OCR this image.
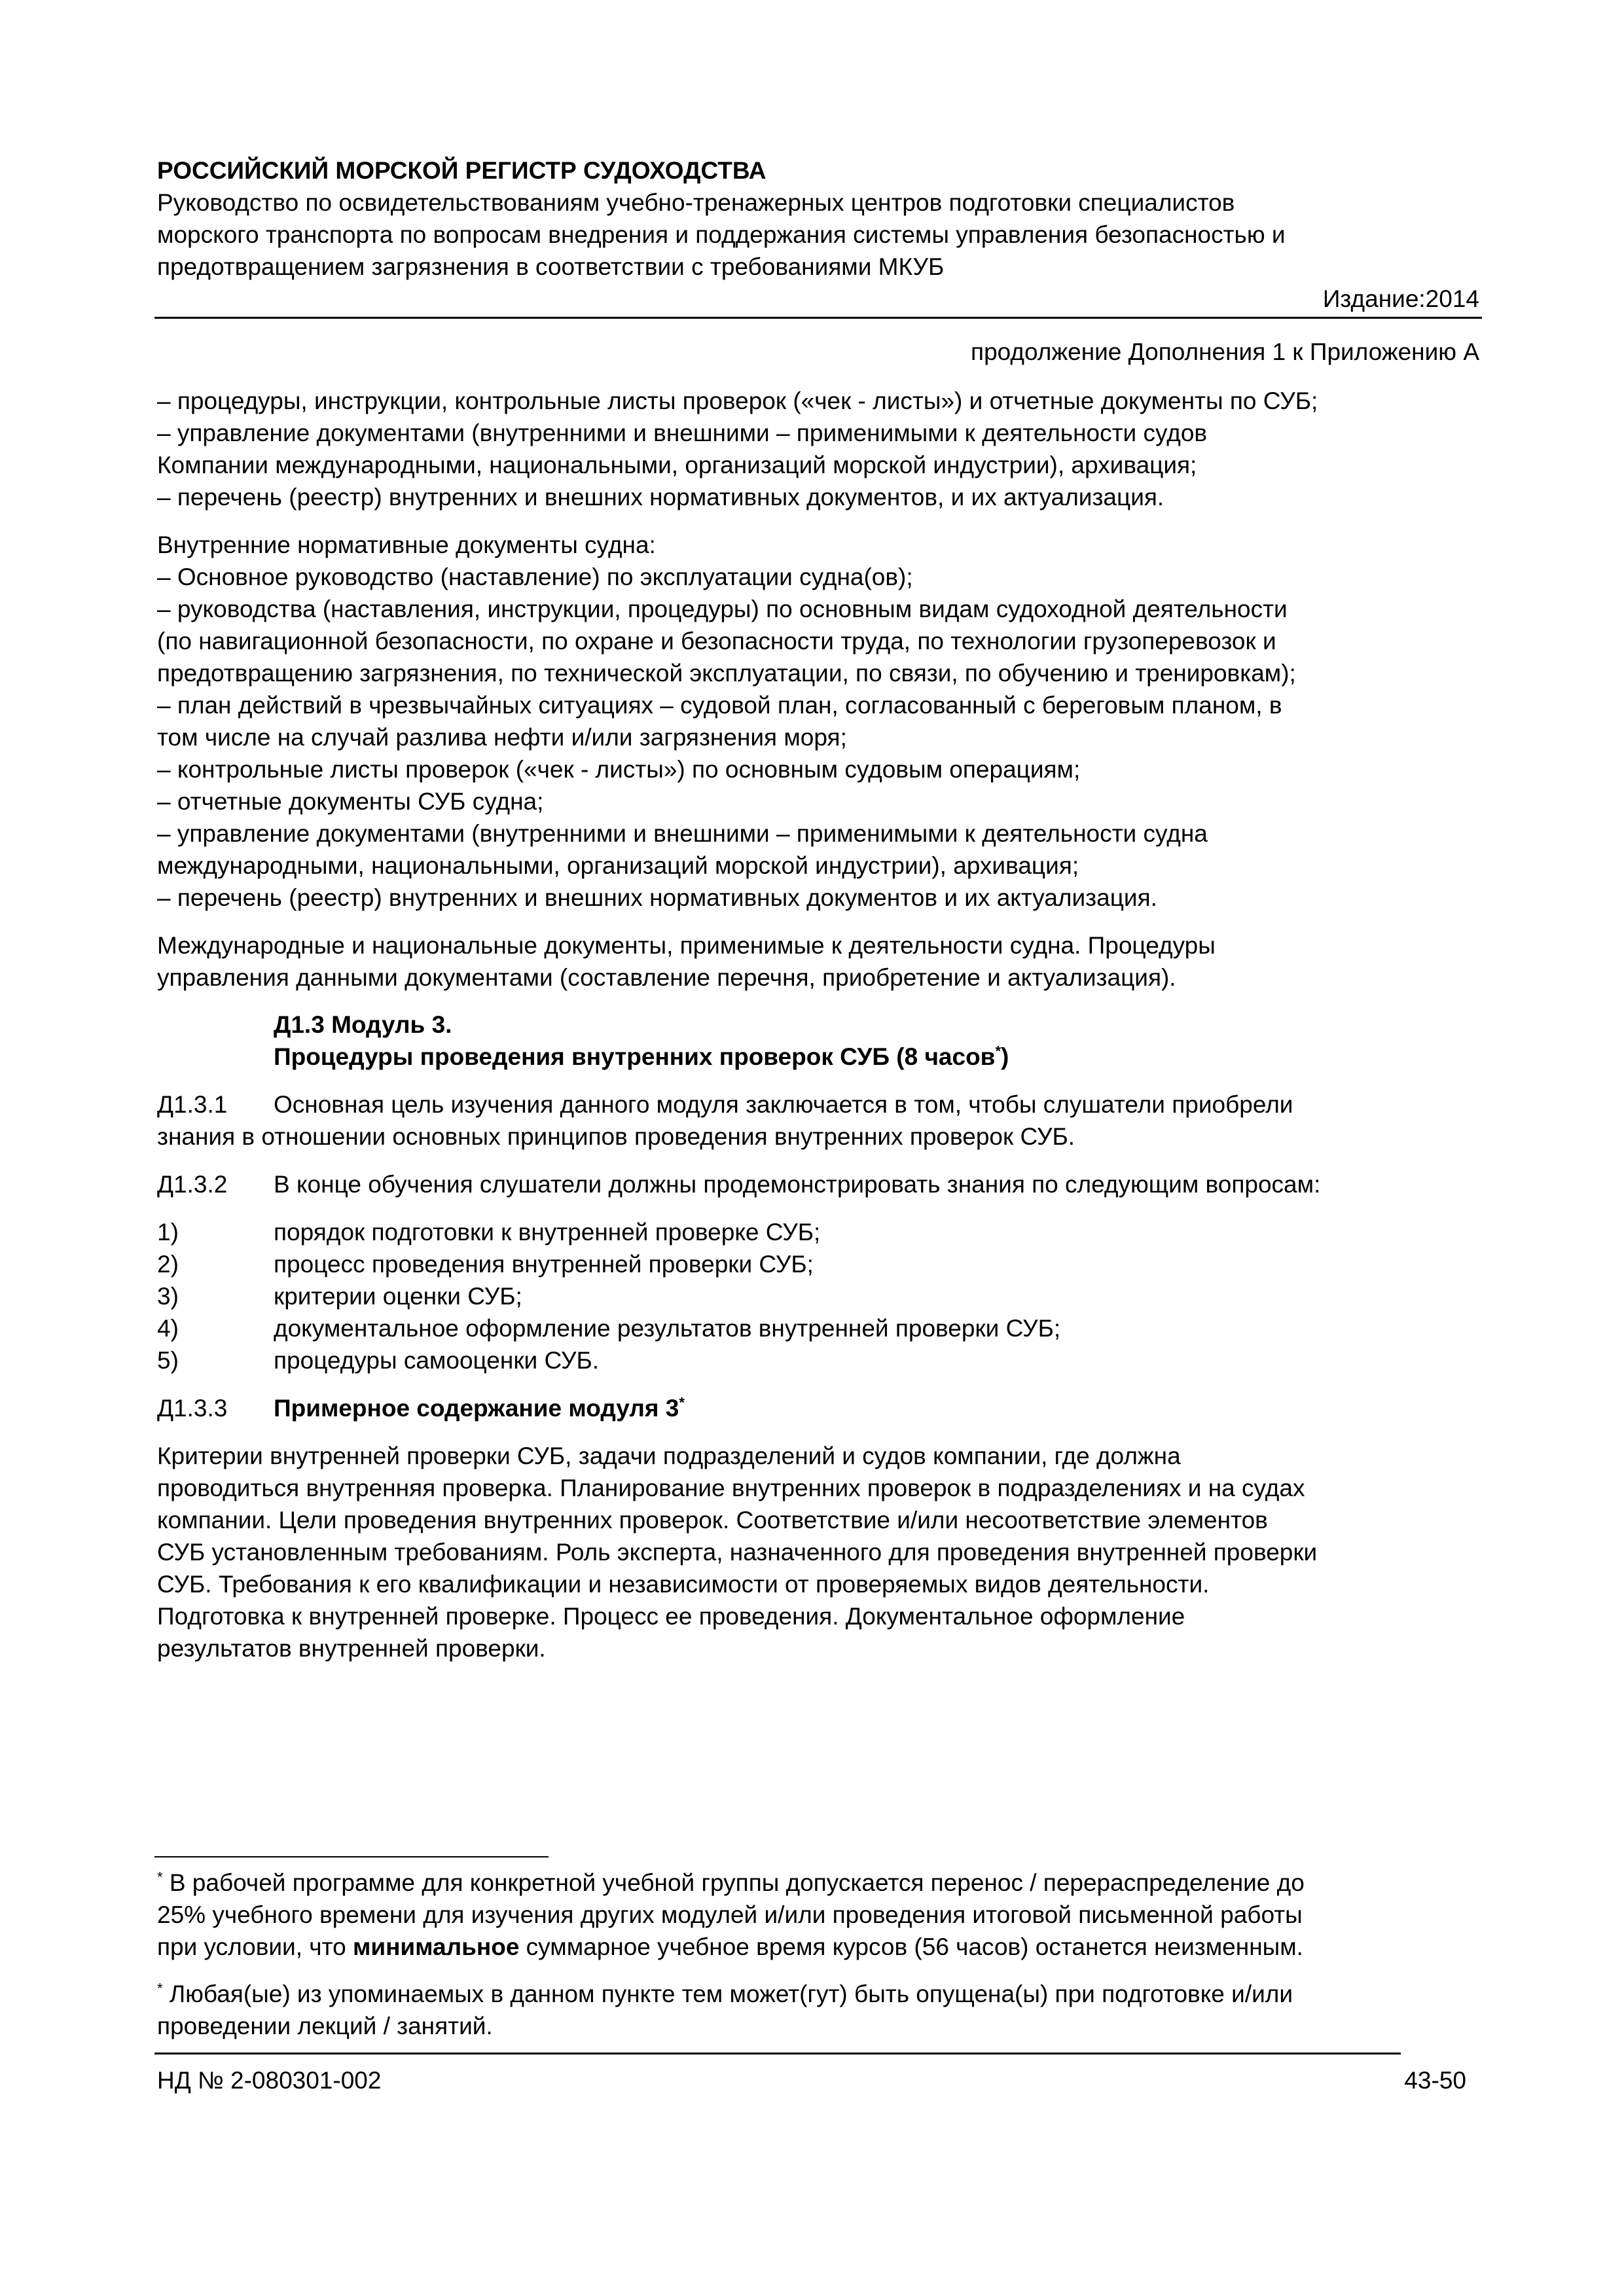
РОССИЙСКИЙ МОРСКОЙ РЕГИСТР СУДОХОДСТВА
Руководство по освидетельствованиям учебно-тренажерных центров подготовки специалистов
морского транспорта по вопросам внедрения и поддержания системы управления безопасностью и
предотвращением загрязнения в соответствии с требованиями МКУБ
Издание:2014
продолжение Дополнения 1 к Приложению А
– процедуры, инструкции, контрольные листы проверок («чек - листы») и отчетные документы по СУБ;
– управление документами (внутренними и внешними – применимыми к деятельности судов
Компании международными, национальными, организаций морской индустрии), архивация;
– перечень (реестр) внутренних и внешних нормативных документов, и их актуализация.
Внутренние нормативные документы судна:
– Основное руководство (наставление) по эксплуатации судна(ов);
– руководства (наставления, инструкции, процедуры) по основным видам судоходной деятельности
(по навигационной безопасности, по охране и безопасности труда, по технологии грузоперевозок и
предотвращению загрязнения, по технической эксплуатации, по связи, по обучению и тренировкам);
– план действий в чрезвычайных ситуациях – судовой план, согласованный с береговым планом, в
том числе на случай разлива нефти и/или загрязнения моря;
– контрольные листы проверок («чек - листы») по основным судовым операциям;
– отчетные документы СУБ судна;
– управление документами (внутренними и внешними – применимыми к деятельности судна
международными, национальными, организаций морской индустрии), архивация;
– перечень (реестр) внутренних и внешних нормативных документов и их актуализация.
Международные и национальные документы, применимые к деятельности судна. Процедуры
управления данными документами (составление перечня, приобретение и актуализация).
Д1.3 Модуль 3.
Процедуры проведения внутренних проверок СУБ (8 часов*)
Д1.3.1 Основная цель изучения данного модуля заключается в том, чтобы слушатели приобрели
знания в отношении основных принципов проведения внутренних проверок СУБ.
Д1.3.2 В конце обучения слушатели должны продемонстрировать знания по следующим вопросам:
1)	порядок подготовки к внутренней проверке СУБ;
2)	процесс проведения внутренней проверки СУБ;
3)	критерии оценки СУБ;
4)	документальное оформление результатов внутренней проверки СУБ;
5)	процедуры самооценки СУБ.
Д1.3.3 Примерное содержание модуля 3*
Критерии внутренней проверки СУБ, задачи подразделений и судов компании, где должна
проводиться внутренняя проверка. Планирование внутренних проверок в подразделениях и на судах
компании. Цели проведения внутренних проверок. Соответствие и/или несоответствие элементов
СУБ установленным требованиям. Роль эксперта, назначенного для проведения внутренней проверки
СУБ. Требования к его квалификации и независимости от проверяемых видов деятельности.
Подготовка к внутренней проверке. Процесс ее проведения. Документальное оформление
результатов внутренней проверки.
* В рабочей программе для конкретной учебной группы допускается перенос / перераспределение до
25% учебного времени для изучения других модулей и/или проведения итоговой письменной работы
при условии, что минимальное суммарное учебное время курсов (56 часов) останется неизменным.
* Любая(ые) из упоминаемых в данном пункте тем может(гут) быть опущена(ы) при подготовке и/или
проведении лекций / занятий.
НД № 2-080301-002	43-50
